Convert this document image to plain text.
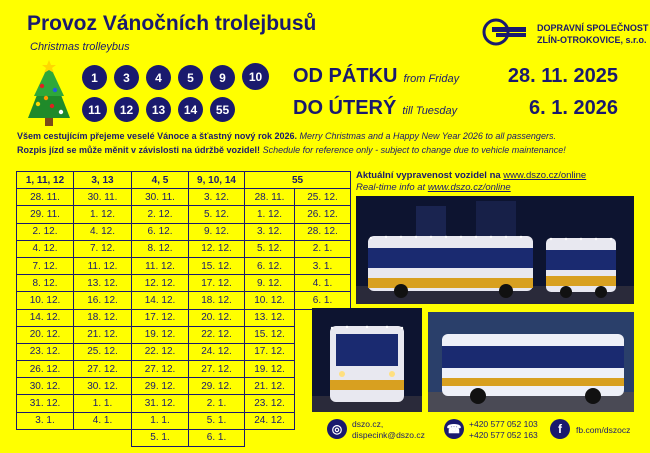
Provoz Vánočních trolejbusů
Christmas trolleybus
DOPRAVNÍ SPOLEČNOST
ZLÍN-OTROKOVICE, s.r.o.
1	3	4	5	9	10
11	12	13	14	55
OD PÁTKU from Friday	28. 11. 2025
DO ÚTERÝ till Tuesday	6. 1. 2026
Všem cestujícím přejeme veselé Vánoce a šťastný nový rok 2026. Merry Christmas and a Happy New Year 2026 to all passengers.
Rozpis jízd se může měnit v závislosti na údržbě vozidel! Schedule for reference only - subject to change due to vehicle maintenance!
1, 11, 12	3, 13	4, 5	9, 10, 14	55	
28. 11.	30. 11.	30. 11.	3. 12.	28. 11.	25. 12.
29. 11.	1. 12.	2. 12.	5. 12.	1. 12.	26. 12.
2. 12.	4. 12.	6. 12.	9. 12.	3. 12.	28. 12.
4. 12.	7. 12.	8. 12.	12. 12.	5. 12.	2. 1.
7. 12.	11. 12.	11. 12.	15. 12.	6. 12.	3. 1.
8. 12.	13. 12.	12. 12.	17. 12.	9. 12.	4. 1.
10. 12.	16. 12.	14. 12.	18. 12.	10. 12.	6. 1.
14. 12.	18. 12.	17. 12.	20. 12.	13. 12.	
20. 12.	21. 12.	19. 12.	22. 12.	15. 12.	
23. 12.	25. 12.	22. 12.	24. 12.	17. 12.	
26. 12.	27. 12.	27. 12.	27. 12.	19. 12.	
30. 12.	30. 12.	29. 12.	29. 12.	21. 12.	
31. 12.	1. 1.	31. 12.	2. 1.	23. 12.	
3. 1.	4. 1.	1. 1.	5. 1.	24. 12.	
		5. 1.	6. 1.		
Aktuální vypravenost vozidel na www.dszo.cz/online
Real-time info at www.dszo.cz/online
◎	dszo.cz,
dispecink@dszo.cz ☎ +420 577 052 103
+420 577 052 163	f	fb.com/dszocz
